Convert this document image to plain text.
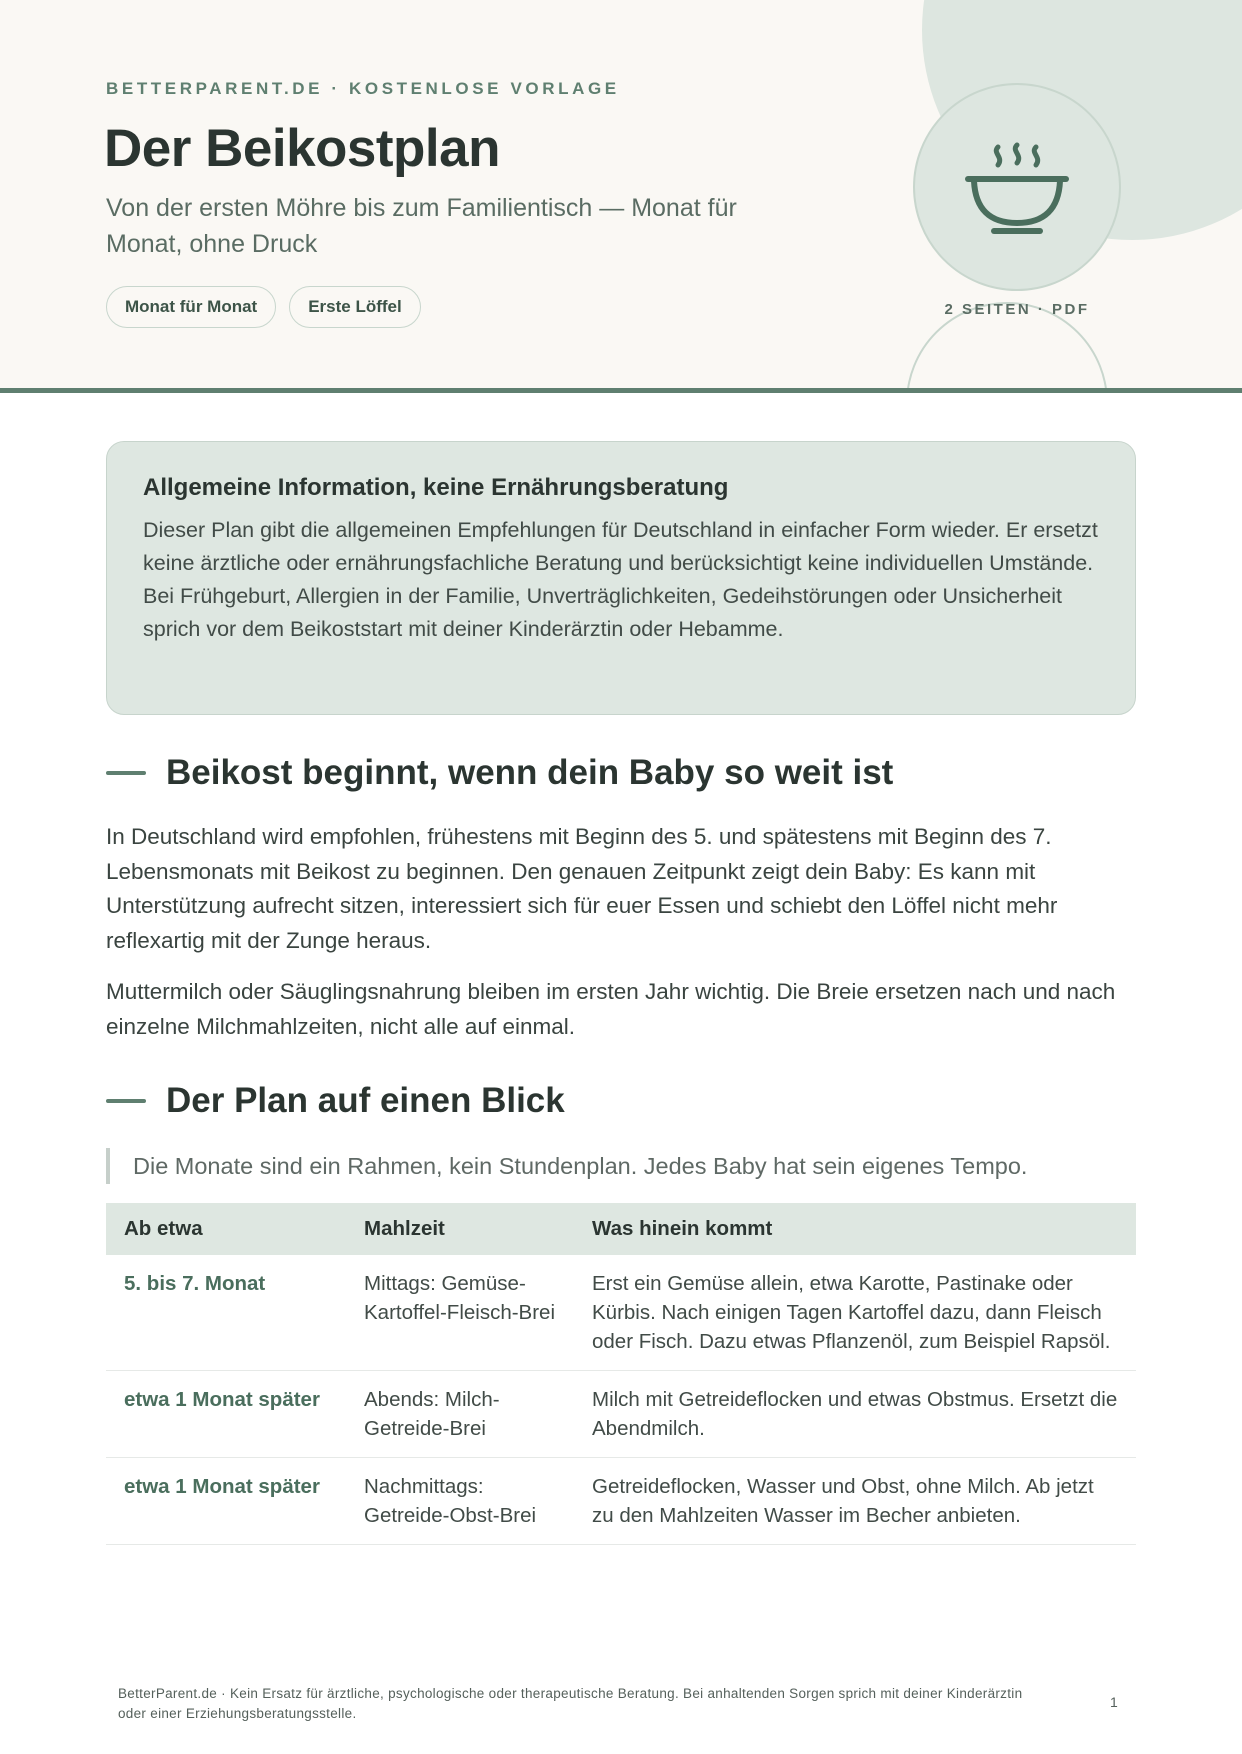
BETTERPARENT.DE · KOSTENLOSE VORLAGE
Der Beikostplan

Von der ersten Möhre bis zum Familientisch — Monat für Monat, ohne Druck

Monat für Monat	Erste Löffel	2 SEITEN · PDF
Allgemeine Information, keine Ernährungsberatung

Dieser Plan gibt die allgemeinen Empfehlungen für Deutschland in einfacher Form wieder. Er ersetzt keine ärztliche oder ernährungsfachliche Beratung und berücksichtigt keine individuellen Umstände. Bei Frühgeburt, Allergien in der Familie, Unverträglichkeiten, Gedeihstörungen oder Unsicherheit sprich vor dem Beikoststart mit deiner Kinderärztin oder Hebamme.

Beikost beginnt, wenn dein Baby so weit ist

In Deutschland wird empfohlen, frühestens mit Beginn des 5. und spätestens mit Beginn des 7. Lebensmonats mit Beikost zu beginnen. Den genauen Zeitpunkt zeigt dein Baby: Es kann mit Unterstützung aufrecht sitzen, interessiert sich für euer Essen und schiebt den Löffel nicht mehr reflexartig mit der Zunge heraus.

Muttermilch oder Säuglingsnahrung bleiben im ersten Jahr wichtig. Die Breie ersetzen nach und nach einzelne Milchmahlzeiten, nicht alle auf einmal.

Der Plan auf einen Blick
Die Monate sind ein Rahmen, kein Stundenplan. Jedes Baby hat sein eigenes Tempo.
Ab etwa	Mahlzeit	Was hinein kommt
5. bis 7. Monat	Mittags: Gemüse-Kartoffel-Fleisch-Brei	Erst ein Gemüse allein, etwa Karotte, Pastinake oder Kürbis. Nach einigen Tagen Kartoffel dazu, dann Fleisch oder Fisch. Dazu etwas Pflanzenöl, zum Beispiel Rapsöl.
etwa 1 Monat später	Abends: Milch-Getreide-Brei	Milch mit Getreideflocken und etwas Obstmus. Ersetzt die Abendmilch.
etwa 1 Monat später	Nachmittags: Getreide-Obst-Brei	Getreideflocken, Wasser und Obst, ohne Milch. Ab jetzt zu den Mahlzeiten Wasser im Becher anbieten.

BetterParent.de · Kein Ersatz für ärztliche, psychologische oder therapeutische Beratung. Bei anhaltenden Sorgen sprich mit deiner Kinderärztin oder einer Erziehungsberatungsstelle.

1
